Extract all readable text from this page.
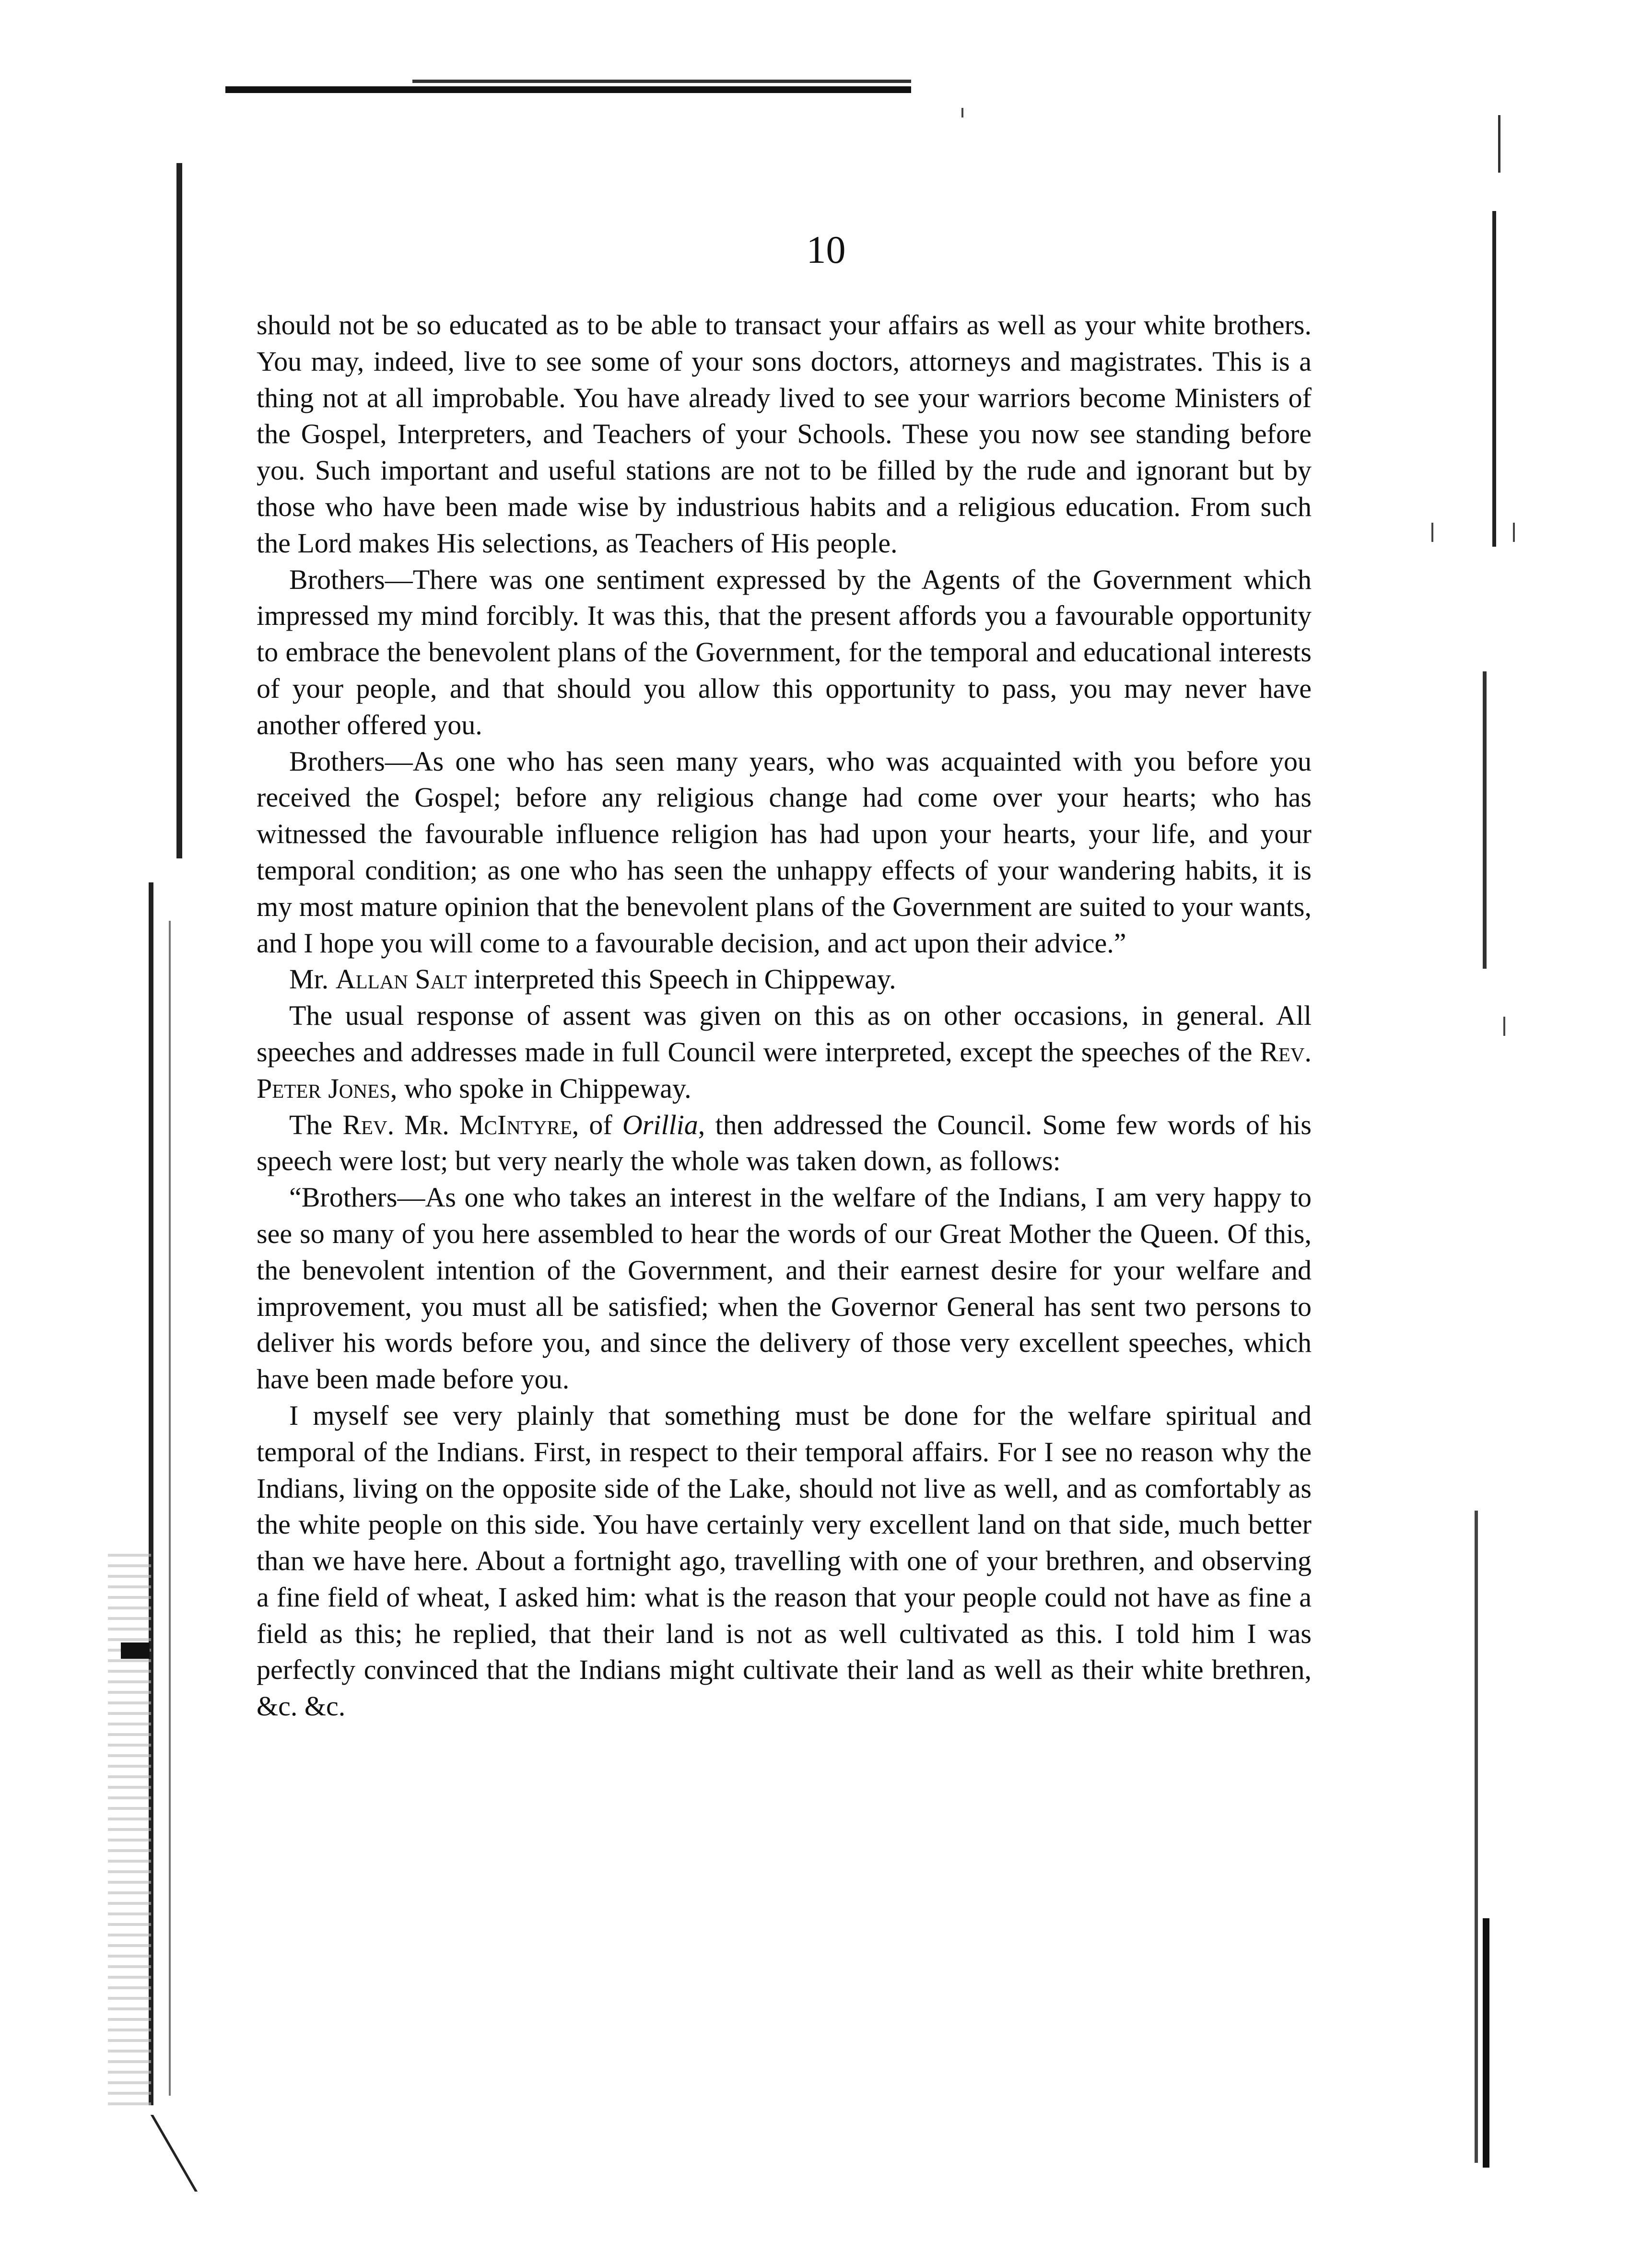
10

should not be so educated as to be able to transact your affairs as well as your white brothers. You may, indeed, live to see some of your sons doctors, attorneys and magistrates. This is a thing not at all improbable. You have already lived to see your warriors become Ministers of the Gospel, Interpreters, and Teachers of your Schools. These you now see standing before you. Such important and useful stations are not to be filled by the rude and ignorant but by those who have been made wise by industrious habits and a religious education. From such the Lord makes His selections, as Teachers of His people.

Brothers—There was one sentiment expressed by the Agents of the Government which impressed my mind forcibly. It was this, that the present affords you a favourable opportunity to embrace the benevolent plans of the Government, for the temporal and educational interests of your people, and that should you allow this opportunity to pass, you may never have another offered you.

Brothers—As one who has seen many years, who was acquainted with you before you received the Gospel; before any religious change had come over your hearts; who has witnessed the favourable influence religion has had upon your hearts, your life, and your temporal condition; as one who has seen the unhappy effects of your wandering habits, it is my most mature opinion that the benevolent plans of the Government are suited to your wants, and I hope you will come to a favourable decision, and act upon their advice.”

Mr. Allan Salt interpreted this Speech in Chippeway.

The usual response of assent was given on this as on other occasions, in general. All speeches and addresses made in full Council were interpreted, except the speeches of the Rev. Peter Jones, who spoke in Chippeway.

The Rev. Mr. McIntyre, of Orillia, then addressed the Council. Some few words of his speech were lost; but very nearly the whole was taken down, as follows:

“Brothers—As one who takes an interest in the welfare of the Indians, I am very happy to see so many of you here assembled to hear the words of our Great Mother the Queen. Of this, the benevolent intention of the Government, and their earnest desire for your welfare and improvement, you must all be satisfied; when the Governor General has sent two persons to deliver his words before you, and since the delivery of those very excellent speeches, which have been made before you.

I myself see very plainly that something must be done for the welfare spiritual and temporal of the Indians. First, in respect to their temporal affairs. For I see no reason why the Indians, living on the opposite side of the Lake, should not live as well, and as comfortably as the white people on this side. You have certainly very excellent land on that side, much better than we have here. About a fortnight ago, travelling with one of your brethren, and observing a fine field of wheat, I asked him: what is the reason that your people could not have as fine a field as this; he replied, that their land is not as well cultivated as this. I told him I was perfectly convinced that the Indians might cultivate their land as well as their white brethren, &c. &c.
